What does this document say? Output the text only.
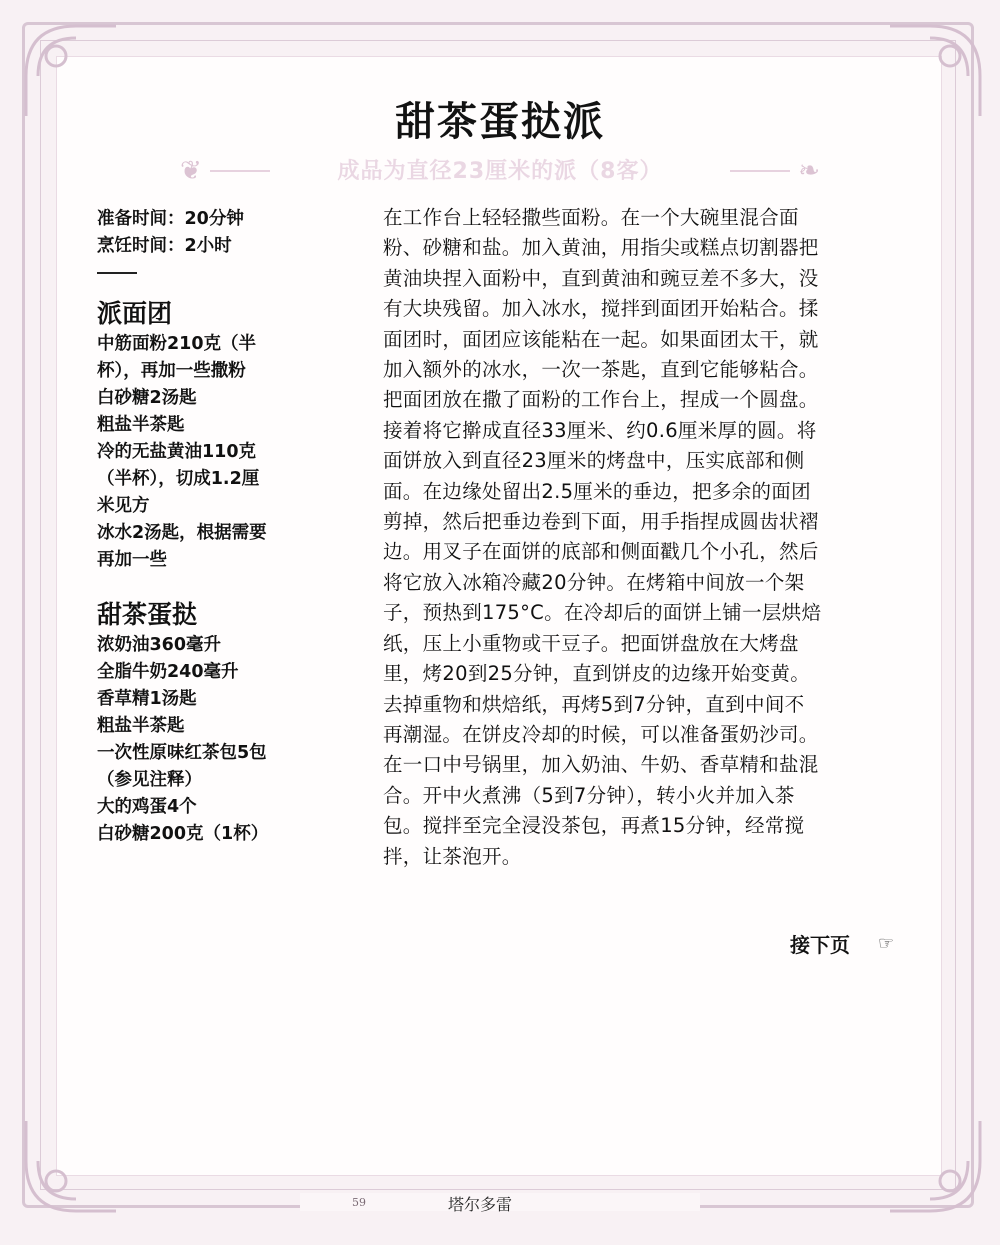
甜茶蛋挞派
❦	成品为直径23厘米的派（8客）	❧
准备时间：20分钟
烹饪时间：2小时
派面团
中筋面粉210克（半
杯），再加一些撒粉
白砂糖2汤匙
粗盐半茶匙
冷的无盐黄油110克
（半杯），切成1.2厘
米见方
冰水2汤匙，根据需要
再加一些
甜茶蛋挞
浓奶油360毫升
全脂牛奶240毫升
香草精1汤匙
粗盐半茶匙
一次性原味红茶包5包
（参见注释）
大的鸡蛋4个
白砂糖200克（1杯）
在工作台上轻轻撒些面粉。在一个大碗里混合面
粉、砂糖和盐。加入黄油，用指尖或糕点切割器把
黄油块捏入面粉中，直到黄油和豌豆差不多大，没
有大块残留。加入冰水，搅拌到面团开始粘合。揉
面团时，面团应该能粘在一起。如果面团太干，就
加入额外的冰水，一次一茶匙，直到它能够粘合。
把面团放在撒了面粉的工作台上，捏成一个圆盘。
接着将它擀成直径33厘米、约0.6厘米厚的圆。将
面饼放入到直径23厘米的烤盘中，压实底部和侧
面。在边缘处留出2.5厘米的垂边，把多余的面团
剪掉，然后把垂边卷到下面，用手指捏成圆齿状褶
边。用叉子在面饼的底部和侧面戳几个小孔，然后
将它放入冰箱冷藏20分钟。在烤箱中间放一个架
子，预热到175°C。在冷却后的面饼上铺一层烘焙
纸，压上小重物或干豆子。把面饼盘放在大烤盘
里，烤20到25分钟，直到饼皮的边缘开始变黄。
去掉重物和烘焙纸，再烤5到7分钟，直到中间不
再潮湿。在饼皮冷却的时候，可以准备蛋奶沙司。
在一口中号锅里，加入奶油、牛奶、香草精和盐混
合。开中火煮沸（5到7分钟），转小火并加入茶
包。搅拌至完全浸没茶包，再煮15分钟，经常搅
拌，让茶泡开。
接下页 ☞
59	塔尔多雷
